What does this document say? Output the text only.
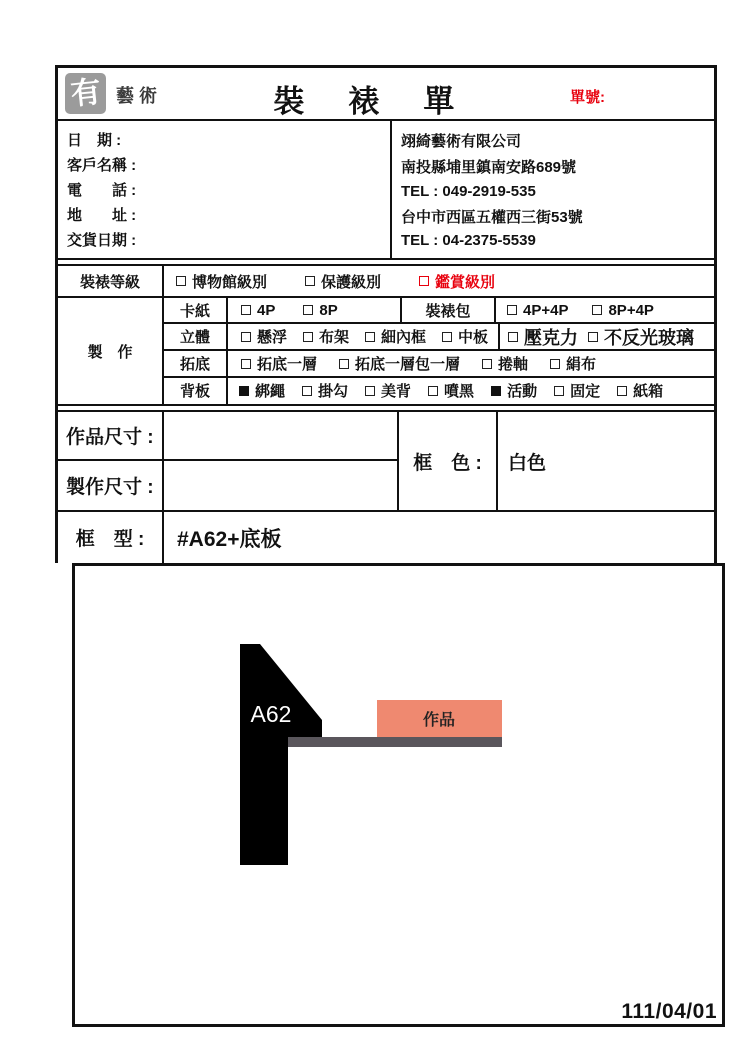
有 藝術	裝裱單	單號:
日　期 :
客戶名稱 :
電　　話 :
地　　址 :
交貨日期 :
翊綺藝術有限公司
南投縣埔里鎮南安路689號
TEL : 049-2919-535
台中市西區五權西三街53號
TEL : 04-2375-5539
裝裱等級	博物館級別	保護級別	鑑賞級別
製　作
卡紙	4P	8P	裝裱包	4P+4P	8P+4P
立體	懸浮 布架 細內框 中板 壓克力 不反光玻璃
拓底	拓底一層	拓底一層包一層	捲軸	絹布
背板	綁繩 掛勾 美背 噴黑 活動 固定 紙箱
作品尺寸 :
製作尺寸 :
框　色 :	白色
框　型 :	#A62+底板
A62	作品
111/04/01
